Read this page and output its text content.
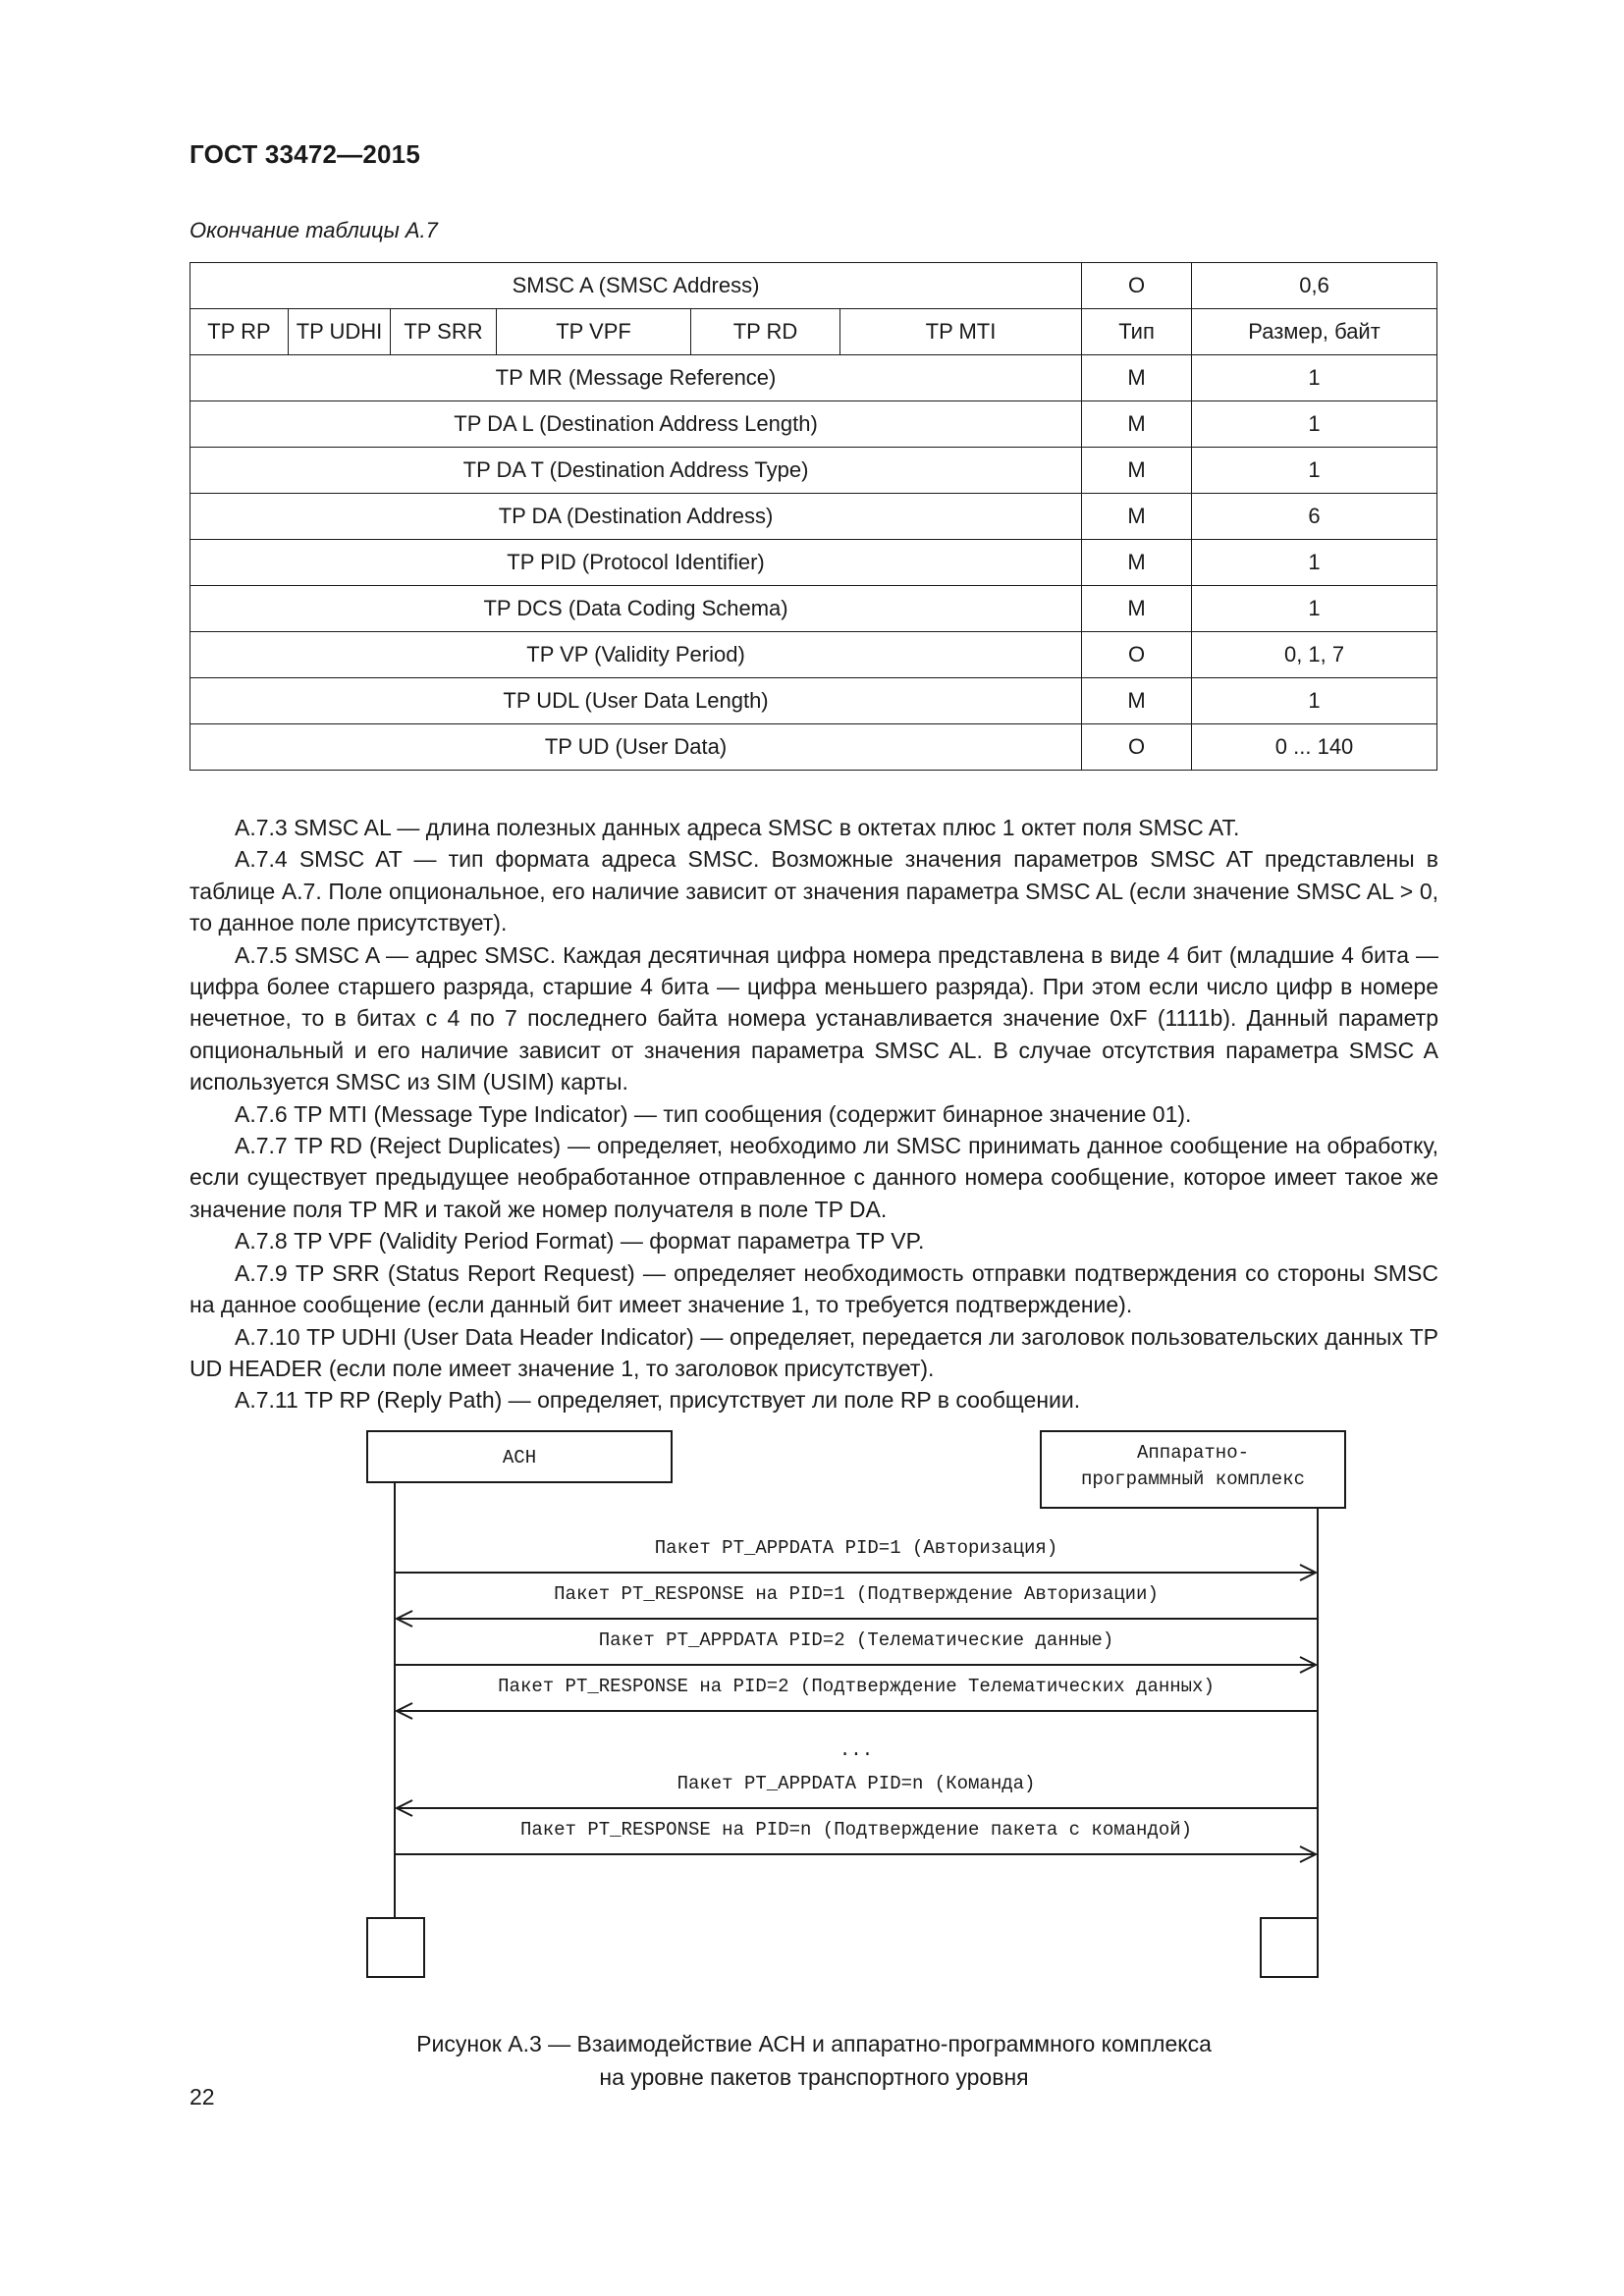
ГОСТ 33472—2015
Окончание таблицы А.7
SMSC A (SMSC Address)						O	0,6
TP RP	TP UDHI	TP SRR	TP VPF	TP RD	TP MTI	Тип	Размер, байт
TP MR (Message Reference)						M	1
TP DA L (Destination Address Length)						M	1
TP DA T (Destination Address Type)						M	1
TP DA (Destination Address)						M	6
TP PID (Protocol Identifier)						M	1
TP DCS (Data Coding Schema)						M	1
TP VP (Validity Period)						O	0, 1, 7
TP UDL (User Data Length)						M	1
TP UD (User Data)						O	0 ... 140

А.7.3 SMSC AL — длина полезных данных адреса SMSC в октетах плюс 1 октет поля SMSC AT.

А.7.4 SMSC AT — тип формата адреса SMSC. Возможные значения параметров SMSC AT представлены в таблице А.7. Поле опциональное, его наличие зависит от значения параметра SMSC AL (если значение SMSC AL > 0, то данное поле присутствует).

А.7.5 SMSC A — адрес SMSC. Каждая десятичная цифра номера представлена в виде 4 бит (младшие 4 бита — цифра более старшего разряда, старшие 4 бита — цифра меньшего разряда). При этом если число цифр в номере нечетное, то в битах с 4 по 7 последнего байта номера устанавливается значение 0xF (1111b). Данный параметр опциональный и его наличие зависит от значения параметра SMSC AL. В случае отсутствия параметра SMSC A используется SMSC из SIM (USIM) карты.

А.7.6 TP MTI (Message Type Indicator) — тип сообщения (содержит бинарное значение 01).

А.7.7 TP RD (Reject Duplicates) — определяет, необходимо ли SMSC принимать данное сообщение на обработку, если существует предыдущее необработанное отправленное с данного номера сообщение, которое имеет такое же значение поля TP MR и такой же номер получателя в поле TP DA.

А.7.8 TP VPF (Validity Period Format) — формат параметра TP VP.

А.7.9 TP SRR (Status Report Request) — определяет необходимость отправки подтверждения со стороны SMSC на данное сообщение (если данный бит имеет значение 1, то требуется подтверждение).

А.7.10 TP UDHI (User Data Header Indicator) — определяет, передается ли заголовок пользовательских данных TP UD HEADER (если поле имеет значение 1, то заголовок присутствует).

А.7.11 TP RP (Reply Path) — определяет, присутствует ли поле RP в сообщении.

АСН	Аппаратно-
программный комплекс
Пакет PT_APPDATA PID=1 (Авторизация)
Пакет PT_RESPONSE на PID=1 (Подтверждение Авторизации)
Пакет PT_APPDATA PID=2 (Телематические данные)
Пакет PT_RESPONSE на PID=2 (Подтверждение Телематических данных)
...
Пакет PT_APPDATA PID=n (Команда)
Пакет PT_RESPONSE на PID=n (Подтверждение пакета с командой)
Рисунок А.3 — Взаимодействие АСН и аппаратно-программного комплекса
на уровне пакетов транспортного уровня
22
